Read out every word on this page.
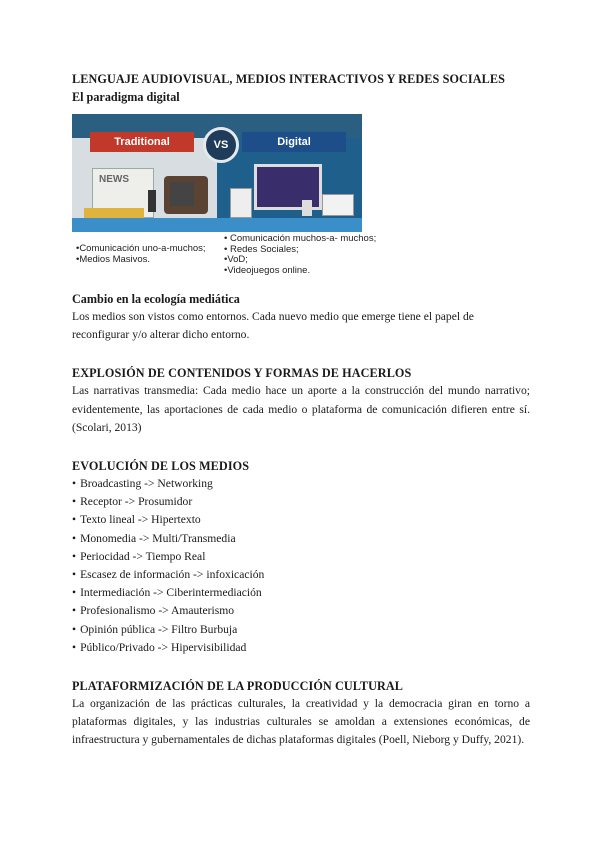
LENGUAJE AUDIOVISUAL, MEDIOS INTERACTIVOS Y REDES SOCIALES
El paradigma digital
NEWS
Traditional	Digital
VS
•Comunicación uno-a-muchos;
•Medios Masivos.
• Comunicación muchos-a- muchos;
• Redes Sociales;
•VoD;
•Videojuegos online.
Cambio en la ecología mediática

Los medios son vistos como entornos. Cada nuevo medio que emerge tiene el papel de reconfigurar y/o alterar dicho entorno.

EXPLOSIÓN DE CONTENIDOS Y FORMAS DE HACERLOS

Las narrativas transmedia: Cada medio hace un aporte a la construcción del mundo narrativo; evidentemente, las aportaciones de cada medio o plataforma de comunicación difieren entre sí. (Scolari, 2013)

EVOLUCIÓN DE LOS MEDIOS
• Broadcasting -> Networking
• Receptor -> Prosumidor
• Texto lineal -> Hipertexto
• Monomedia -> Multi/Transmedia
• Periocidad -> Tiempo Real
• Escasez de información -> infoxicación
• Intermediación -> Ciberintermediación
• Profesionalismo -> Amauterismo
• Opinión pública -> Filtro Burbuja
• Público/Privado -> Hipervisibilidad
PLATAFORMIZACIÓN DE LA PRODUCCIÓN CULTURAL

La organización de las prácticas culturales, la creatividad y la democracia giran en torno a plataformas digitales, y las industrias culturales se amoldan a extensiones económicas, de infraestructura y gubernamentales de dichas plataformas digitales (Poell, Nieborg y Duffy, 2021).
